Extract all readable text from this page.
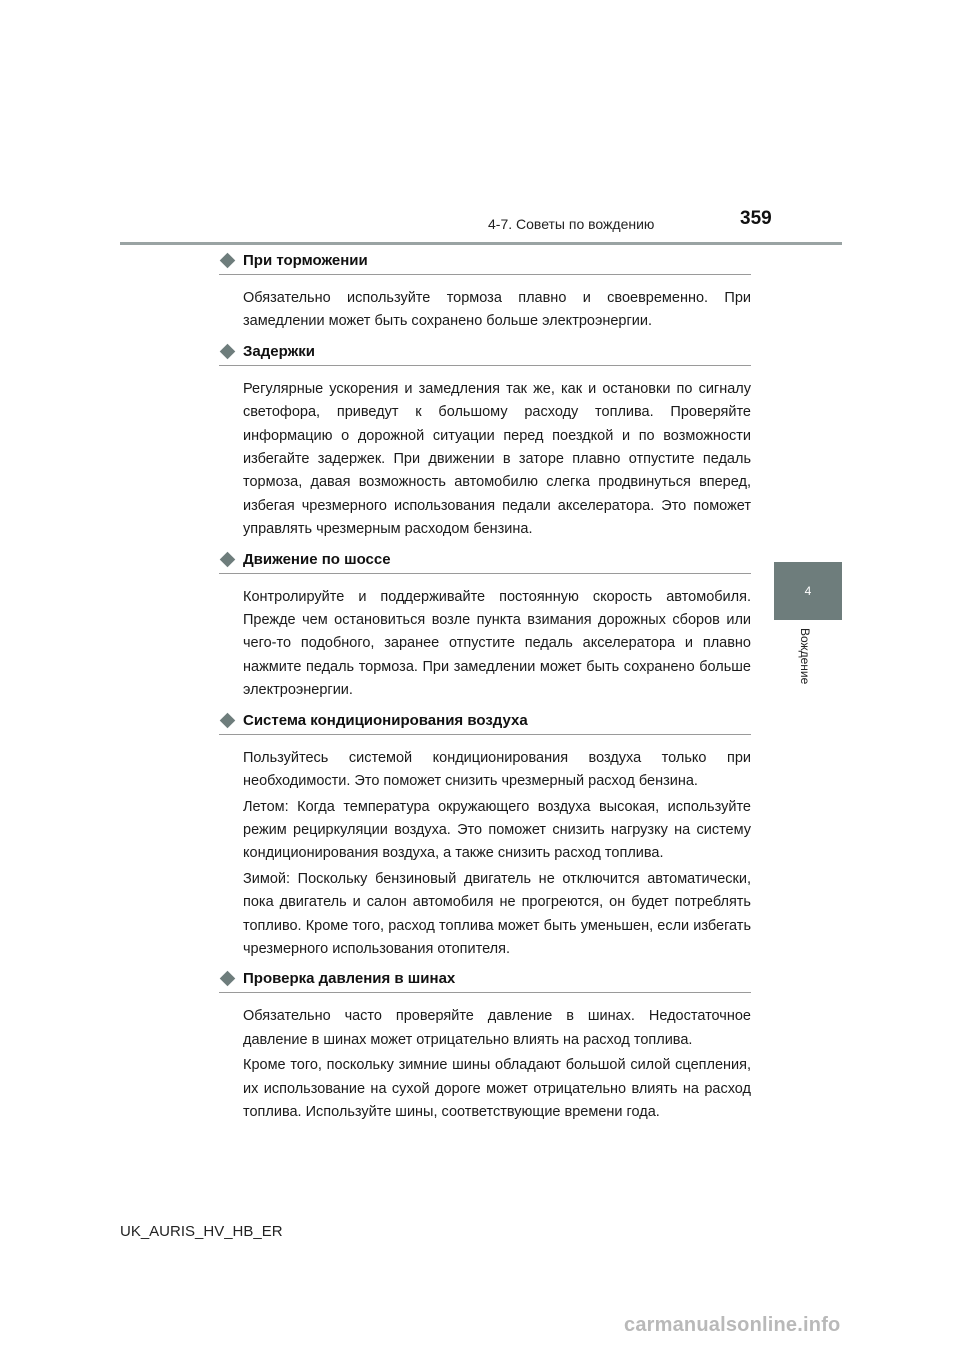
4-7. Советы по вождению	359
4
Вождение
При торможении

Обязательно используйте тормоза плавно и своевременно. При замедлении может быть сохранено больше электроэнергии.

Задержки

Регулярные ускорения и замедления так же, как и остановки по сигналу светофора, приведут к большому расходу топлива. Проверяйте информацию о дорожной ситуации перед поездкой и по возможности избегайте задержек. При движении в заторе плавно отпустите педаль тормоза, давая возможность автомобилю слегка продвинуться вперед, избегая чрезмерного использования педали акселератора. Это поможет управлять чрезмерным расходом бензина.

Движение по шоссе

Контролируйте и поддерживайте постоянную скорость автомобиля. Прежде чем остановиться возле пункта взимания дорожных сборов или чего-то подобного, заранее отпустите педаль акселератора и плавно нажмите педаль тормоза. При замедлении может быть сохранено больше электроэнергии.

Система кондиционирования воздуха

Пользуйтесь системой кондиционирования воздуха только при необходимости. Это поможет снизить чрезмерный расход бензина.

Летом: Когда температура окружающего воздуха высокая, используйте режим рециркуляции воздуха. Это поможет снизить нагрузку на систему кондиционирования воздуха, а также снизить расход топлива.

Зимой: Поскольку бензиновый двигатель не отключится автоматически, пока двигатель и салон автомобиля не прогреются, он будет потреблять топливо. Кроме того, расход топлива может быть уменьшен, если избегать чрезмерного использования отопителя.

Проверка давления в шинах

Обязательно часто проверяйте давление в шинах. Недостаточное давление в шинах может отрицательно влиять на расход топлива.

Кроме того, поскольку зимние шины обладают большой силой сцепления, их использование на сухой дороге может отрицательно влиять на расход топлива. Используйте шины, соответствующие времени года.

UK_AURIS_HV_HB_ER
carmanualsonline.info
